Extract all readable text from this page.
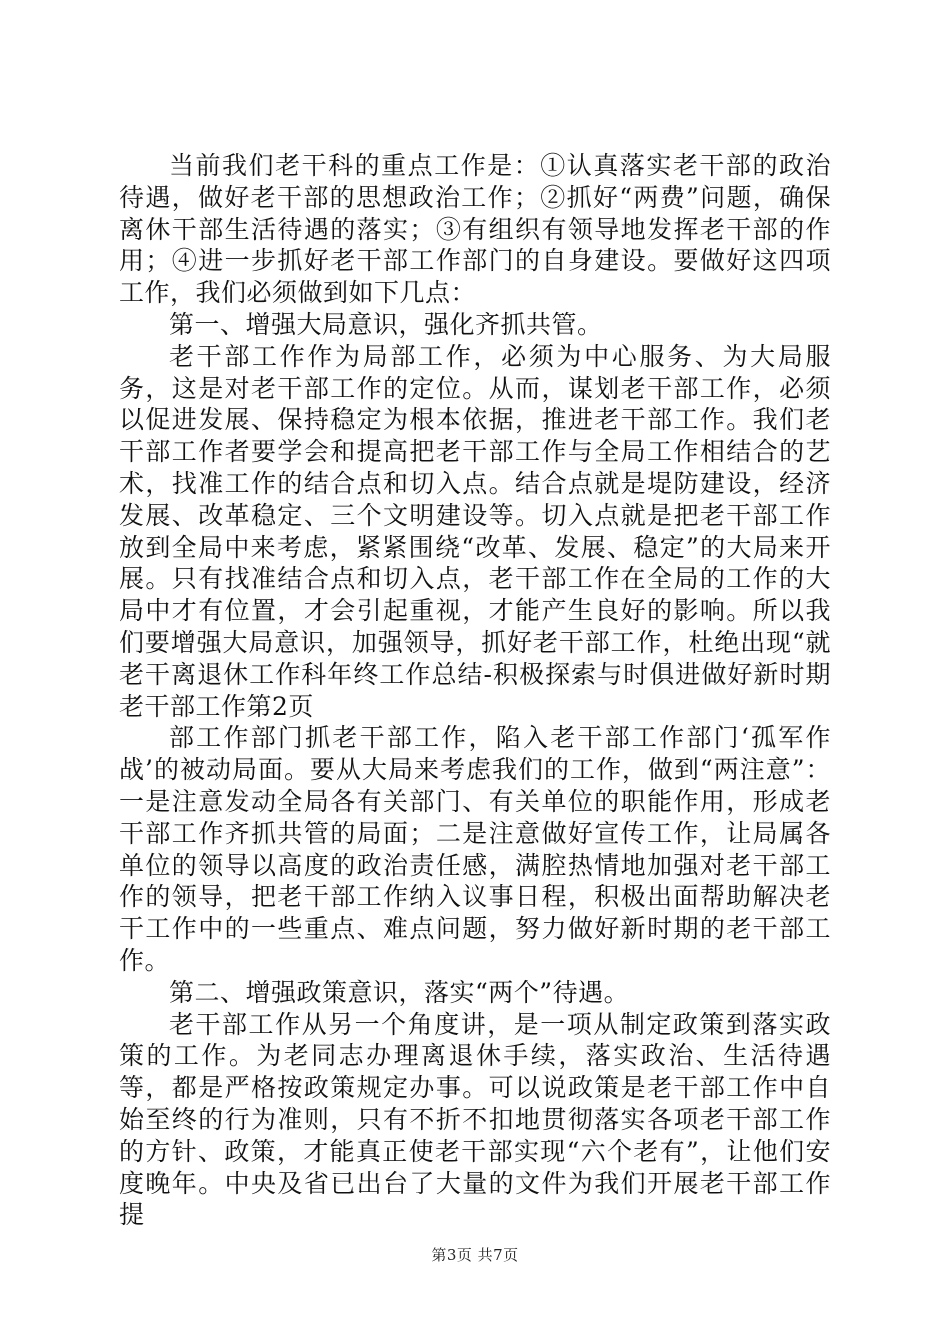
当前我们老干科的重点工作是：①认真落实老干部的政治待遇，做好老干部的思想政治工作；②抓好“两费”问题，确保离休干部生活待遇的落实；③有组织有领导地发挥老干部的作用；④进一步抓好老干部工作部门的自身建设。要做好这四项工作，我们必须做到如下几点：

第一、增强大局意识，强化齐抓共管。

老干部工作作为局部工作，必须为中心服务、为大局服务，这是对老干部工作的定位。从而，谋划老干部工作，必须以促进发展、保持稳定为根本依据，推进老干部工作。我们老干部工作者要学会和提高把老干部工作与全局工作相结合的艺术，找准工作的结合点和切入点。结合点就是堤防建设，经济发展、改革稳定、三个文明建设等。切入点就是把老干部工作放到全局中来考虑，紧紧围绕“改革、发展、稳定”的大局来开展。只有找准结合点和切入点，老干部工作在全局的工作的大局中才有位置，才会引起重视，才能产生良好的影响。所以我们要增强大局意识，加强领导，抓好老干部工作，杜绝出现“就老干离退休工作科年终工作总结-积极探索与时俱进做好新时期老干部工作第2页

部工作部门抓老干部工作，陷入老干部工作部门‘孤军作战’的被动局面。要从大局来考虑我们的工作，做到“两注意”：一是注意发动全局各有关部门、有关单位的职能作用，形成老干部工作齐抓共管的局面；二是注意做好宣传工作，让局属各单位的领导以高度的政治责任感，满腔热情地加强对老干部工作的领导，把老干部工作纳入议事日程，积极出面帮助解决老干工作中的一些重点、难点问题，努力做好新时期的老干部工作。

第二、增强政策意识，落实“两个”待遇。

老干部工作从另一个角度讲，是一项从制定政策到落实政策的工作。为老同志办理离退休手续，落实政治、生活待遇等，都是严格按政策规定办事。可以说政策是老干部工作中自始至终的行为准则，只有不折不扣地贯彻落实各项老干部工作的方针、政策，才能真正使老干部实现“六个老有”，让他们安度晚年。中央及省已出台了大量的文件为我们开展老干部工作提

第3页 共7页
